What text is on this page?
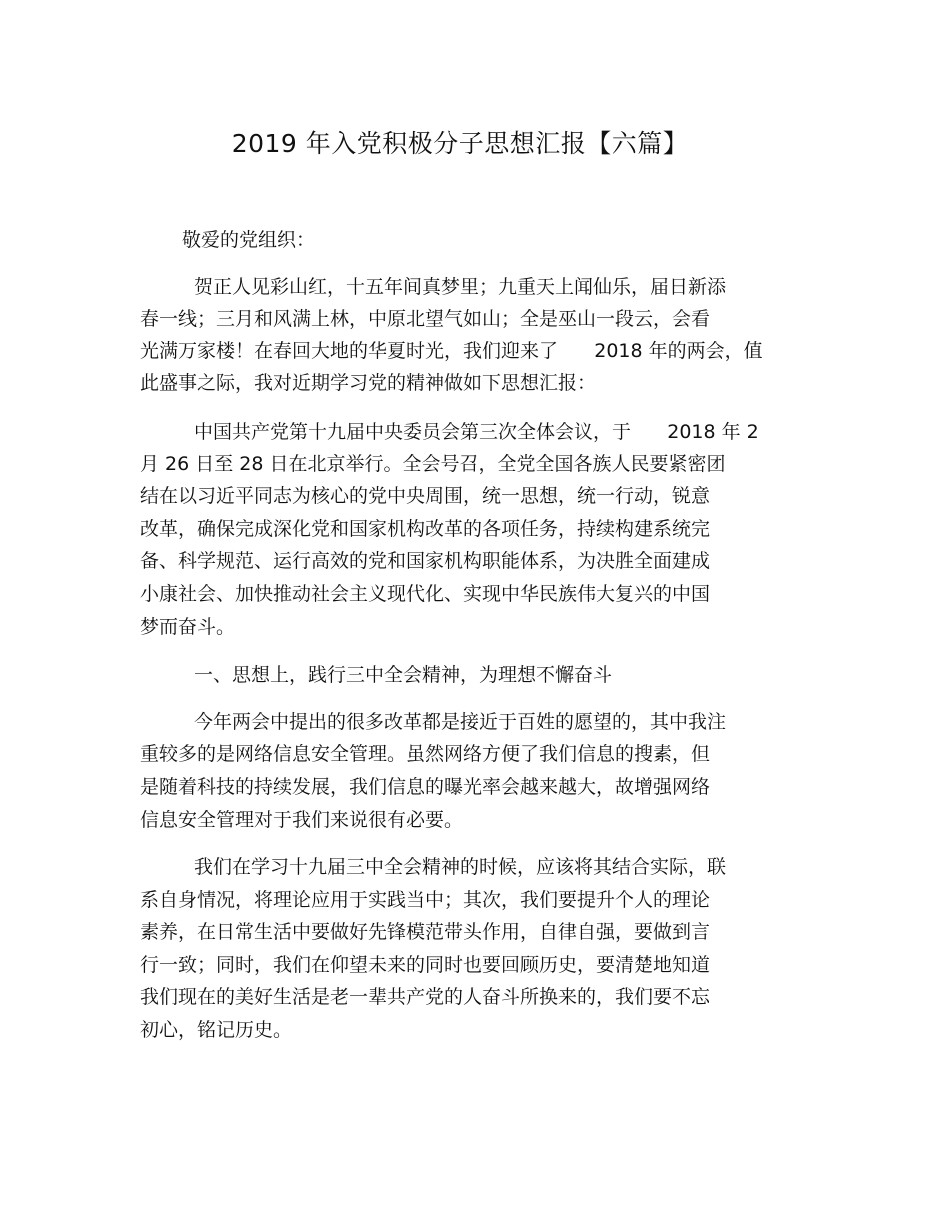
2019 年入党积极分子思想汇报【六篇】
敬爱的党组织：
贺正人见彩山红，十五年间真梦里；九重天上闻仙乐，届日新添
春一线；三月和风满上林，中原北望气如山；全是巫山一段云，会看
光满万家楼！在春回大地的华夏时光，我们迎来了      2018 年的两会，值
此盛事之际，我对近期学习党的精神做如下思想汇报：
中国共产党第十九届中央委员会第三次全体会议，于      2018 年 2
月 26 日至 28 日在北京举行。全会号召，全党全国各族人民要紧密团
结在以习近平同志为核心的党中央周围，统一思想，统一行动，锐意
改革，确保完成深化党和国家机构改革的各项任务，持续构建系统完
备、科学规范、运行高效的党和国家机构职能体系，为决胜全面建成
小康社会、加快推动社会主义现代化、实现中华民族伟大复兴的中国
梦而奋斗。
一、思想上，践行三中全会精神，为理想不懈奋斗
今年两会中提出的很多改革都是接近于百姓的愿望的，其中我注
重较多的是网络信息安全管理。虽然网络方便了我们信息的搜素，但
是随着科技的持续发展，我们信息的曝光率会越来越大，故增强网络
信息安全管理对于我们来说很有必要。
我们在学习十九届三中全会精神的时候，应该将其结合实际，联
系自身情况，将理论应用于实践当中；其次，我们要提升个人的理论
素养，在日常生活中要做好先锋模范带头作用，自律自强，要做到言
行一致；同时，我们在仰望未来的同时也要回顾历史，要清楚地知道
我们现在的美好生活是老一辈共产党的人奋斗所换来的，我们要不忘
初心，铭记历史。
